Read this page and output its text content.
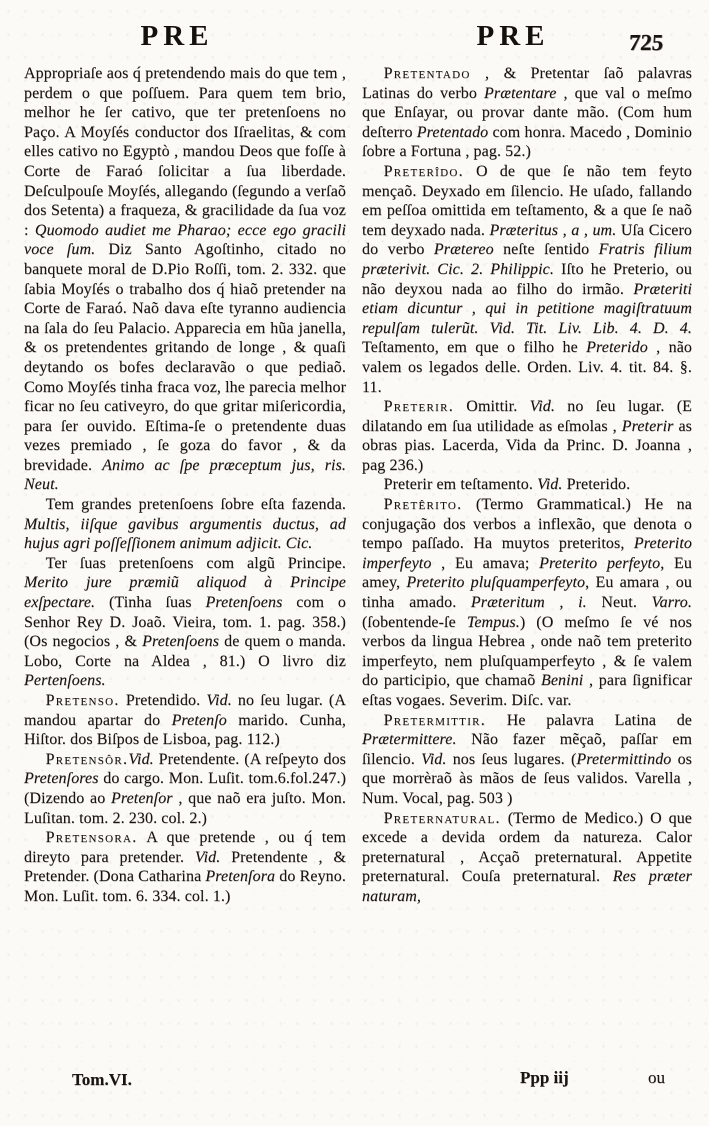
PRE	PRE	725

Appropriaſe aos q́ pretendendo mais do que tem , perdem o que poſſuem. Para quem tem brio, melhor he ſer cativo, que ter pretenſoens no Paço. A Moyſés conductor dos Iſraelitas, & com elles cativo no Egyptò , mandou Deos que foſſe à Corte de Faraó ſolicitar a ſua liberdade. Deſculpouſe Moyſés, allegando (ſegundo a verſaõ dos Setenta) a fraqueza, & gracilidade da ſua voz : Quomodo audiet me Pharao; ecce ego gracili voce ſum. Diz Santo Agoſtinho, citado no banquete moral de D.Pio Roſſi, tom. 2. 332. que ſabia Moyſés o trabalho dos q́ hiaõ pretender na Corte de Faraó. Naõ dava eſte tyranno audiencia na ſala do ſeu Palacio. Apparecia em hũa janella, & os pretendentes gritando de longe , & quaſi deytando os bofes declaravão o que pediaõ. Como Moyſés tinha fraca voz, lhe parecia melhor ficar no ſeu cativeyro, do que gritar miſericordia, para ſer ouvido. Eſtima-ſe o pretendente duas vezes premiado , ſe goza do favor , & da brevidade. Animo ac ſpe præceptum jus, ris. Neut.

Tem grandes pretenſoens ſobre eſta fazenda. Multis, iiſque gavibus argumentis ductus, ad hujus agri poſſeſſionem animum adjicit. Cic.

Ter ſuas pretenſoens com algũ Principe. Merito jure præmiũ aliquod à Principe exſpectare. (Tinha ſuas Pretenſoens com o Senhor Rey D. Joaõ. Vieira, tom. 1. pag. 358.) (Os negocios , & Pretenſoens de quem o manda. Lobo, Corte na Aldea , 81.) O livro diz Pertenſoens.

Pretenso. Pretendido. Vid. no ſeu lugar. (A mandou apartar do Pretenſo marido. Cunha, Hiſtor. dos Biſpos de Lisboa, pag. 112.)

Pretensôr.Vid. Pretendente. (A reſpeyto dos Pretenſores do cargo. Mon. Luſit. tom.6.fol.247.) (Dizendo ao Pretenſor , que naõ era juſto. Mon. Luſitan. tom. 2. 230. col. 2.)

Pretensora. A que pretende , ou q́ tem direyto para pretender. Vid. Pretendente , & Pretender. (Dona Catharina Pretenſora do Reyno. Mon. Luſit. tom. 6. 334. col. 1.)

Pretentado , & Pretentar ſaõ palavras Latinas do verbo Prætentare , que val o meſmo que Enſayar, ou provar dante mão. (Com hum deſterro Pretentado com honra. Macedo , Dominio ſobre a Fortuna , pag. 52.)

Preterîdo. O de que ſe não tem feyto mençaõ. Deyxado em ſilencio. He uſado, fallando em peſſoa omittida em teſtamento, & a que ſe naõ tem deyxado nada. Præteritus , a , um. Uſa Cicero do verbo Prætereo neſte ſentido Fratris filium præterivit. Cic. 2. Philippic. Iſto he Preterio, ou não deyxou nada ao filho do irmão. Præteriti etiam dicuntur , qui in petitione magiſtratuum repulſam tulerũt. Vid. Tit. Liv. Lib. 4. D. 4. Teſtamento, em que o filho he Preterido , não valem os legados delle. Orden. Liv. 4. tit. 84. §. 11.

Preterir. Omittir. Vid. no ſeu lugar. (E dilatando em ſua utilidade as eſmolas , Preterir as obras pias. Lacerda, Vida da Princ. D. Joanna , pag 236.)

Preterir em teſtamento. Vid. Preterido.

Pretêrito. (Termo Grammatical.) He na conjugação dos verbos a inflexão, que denota o tempo paſſado. Ha muytos preteritos, Preterito imperfeyto , Eu amava; Preterito perfeyto, Eu amey, Preterito pluſquamperfeyto, Eu amara , ou tinha amado. Præteritum , i. Neut. Varro. (ſobentende-ſe Tempus.) (O meſmo ſe vé nos verbos da lingua Hebrea , onde naõ tem preterito imperfeyto, nem pluſquamperfeyto , & ſe valem do participio, que chamaõ Benini , para ſignificar eſtas vogaes. Severim. Diſc. var.

Pretermittir. He palavra Latina de Prætermittere. Não fazer mẽçaõ, paſſar em ſilencio. Vid. nos ſeus lugares. (Pretermittindo os que morrèraõ às mãos de ſeus validos. Varella , Num. Vocal, pag. 503 )

Preternatural. (Termo de Medico.) O que excede a devida ordem da natureza. Calor preternatural , Acçaõ preternatural. Appetite preternatural. Couſa preternatural. Res præter naturam,

Tom.VI.	Ppp iij	ou
